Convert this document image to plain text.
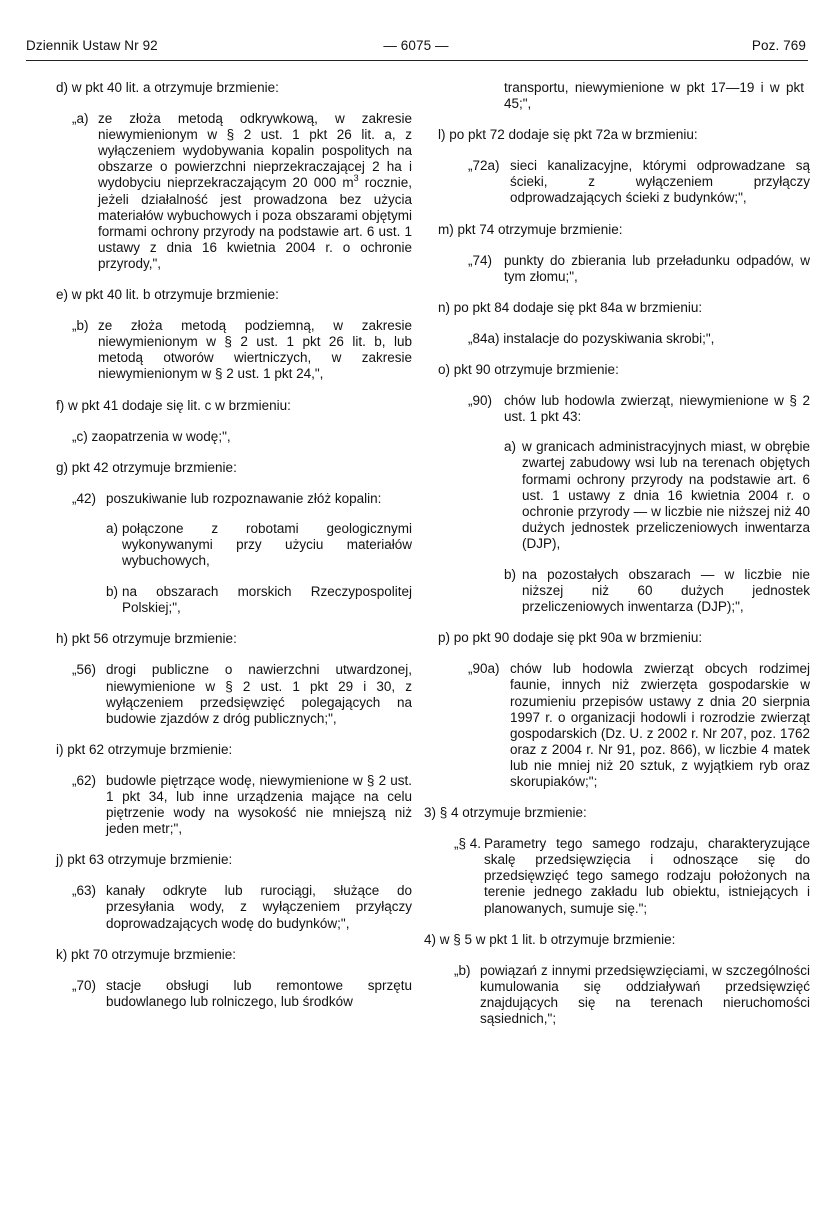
Dziennik Ustaw Nr 92	— 6075 —	Poz. 769
d) w pkt 40 lit. a otrzymuje brzmienie:
„a) ze złoża metodą odkrywkową, w zakresie niewymienionym w § 2 ust. 1 pkt 26 lit. a, z wyłączeniem wydobywania kopalin pospolitych na obszarze o powierzchni nieprzekraczającej 2 ha i wydobyciu nieprzekraczającym 20 000 $m^3$ rocznie, jeżeli działalność jest prowadzona bez użycia materiałów wybuchowych i poza obszarami objętymi formami ochrony przyrody na podstawie art. 6 ust. 1 ustawy z dnia 16 kwietnia 2004 r. o ochronie przyrody,",
e) w pkt 40 lit. b otrzymuje brzmienie:
„b) ze złoża metodą podziemną, w zakresie niewymienionym w § 2 ust. 1 pkt 26 lit. b, lub metodą otworów wiertniczych, w zakresie niewymienionym w § 2 ust. 1 pkt 24,",
f) w pkt 41 dodaje się lit. c w brzmieniu:
„c) zaopatrzenia w wodę;",
g) pkt 42 otrzymuje brzmienie:
„42) poszukiwanie lub rozpoznawanie złóż kopalin:
a) połączone z robotami geologicznymi wykonywanymi przy użyciu materiałów wybuchowych,
b) na obszarach morskich Rzeczypospolitej Polskiej;",
h) pkt 56 otrzymuje brzmienie:
„56) drogi publiczne o nawierzchni utwardzonej, niewymienione w § 2 ust. 1 pkt 29 i 30, z wyłączeniem przedsięwzięć polegających na budowie zjazdów z dróg publicznych;",
i) pkt 62 otrzymuje brzmienie:
„62) budowle piętrzące wodę, niewymienione w § 2 ust. 1 pkt 34, lub inne urządzenia mające na celu piętrzenie wody na wysokość nie mniejszą niż jeden metr;",
j) pkt 63 otrzymuje brzmienie:
„63) kanały odkryte lub rurociągi, służące do przesyłania wody, z wyłączeniem przyłączy doprowadzających wodę do budynków;",
k) pkt 70 otrzymuje brzmienie:
„70) stacje obsługi lub remontowe sprzętu budowlanego lub rolniczego, lub środków
transportu, niewymienione w pkt 17—19 i w pkt 45;",
l) po pkt 72 dodaje się pkt 72a w brzmieniu:
„72a) sieci kanalizacyjne, którymi odprowadzane są ścieki, z wyłączeniem przyłączy odprowadzających ścieki z budynków;",
m) pkt 74 otrzymuje brzmienie:
„74) punkty do zbierania lub przeładunku odpadów, w tym złomu;",
n) po pkt 84 dodaje się pkt 84a w brzmieniu:
„84a) instalacje do pozyskiwania skrobi;",
o) pkt 90 otrzymuje brzmienie:
„90) chów lub hodowla zwierząt, niewymienione w § 2 ust. 1 pkt 43:
a) w granicach administracyjnych miast, w obrębie zwartej zabudowy wsi lub na terenach objętych formami ochrony przyrody na podstawie art. 6 ust. 1 ustawy z dnia 16 kwietnia 2004 r. o ochronie przyrody — w liczbie nie niższej niż 40 dużych jednostek przeliczeniowych inwentarza (DJP),
b) na pozostałych obszarach — w liczbie nie niższej niż 60 dużych jednostek przeliczeniowych inwentarza (DJP);",
p) po pkt 90 dodaje się pkt 90a w brzmieniu:
„90a) chów lub hodowla zwierząt obcych rodzimej faunie, innych niż zwierzęta gospodarskie w rozumieniu przepisów ustawy z dnia 20 sierpnia 1997 r. o organizacji hodowli i rozrodzie zwierząt gospodarskich (Dz. U. z 2002 r. Nr 207, poz. 1762 oraz z 2004 r. Nr 91, poz. 866), w liczbie 4 matek lub nie mniej niż 20 sztuk, z wyjątkiem ryb oraz skorupiaków;";
3) § 4 otrzymuje brzmienie:
„§ 4. Parametry tego samego rodzaju, charakteryzujące skalę przedsięwzięcia i odnoszące się do przedsięwzięć tego samego rodzaju położonych na terenie jednego zakładu lub obiektu, istniejących i planowanych, sumuje się.";
4) w § 5 w pkt 1 lit. b otrzymuje brzmienie:
„b) powiązań z innymi przedsięwzięciami, w szczególności kumulowania się oddziaływań przedsięwzięć znajdujących się na terenach nieruchomości sąsiednich,";
